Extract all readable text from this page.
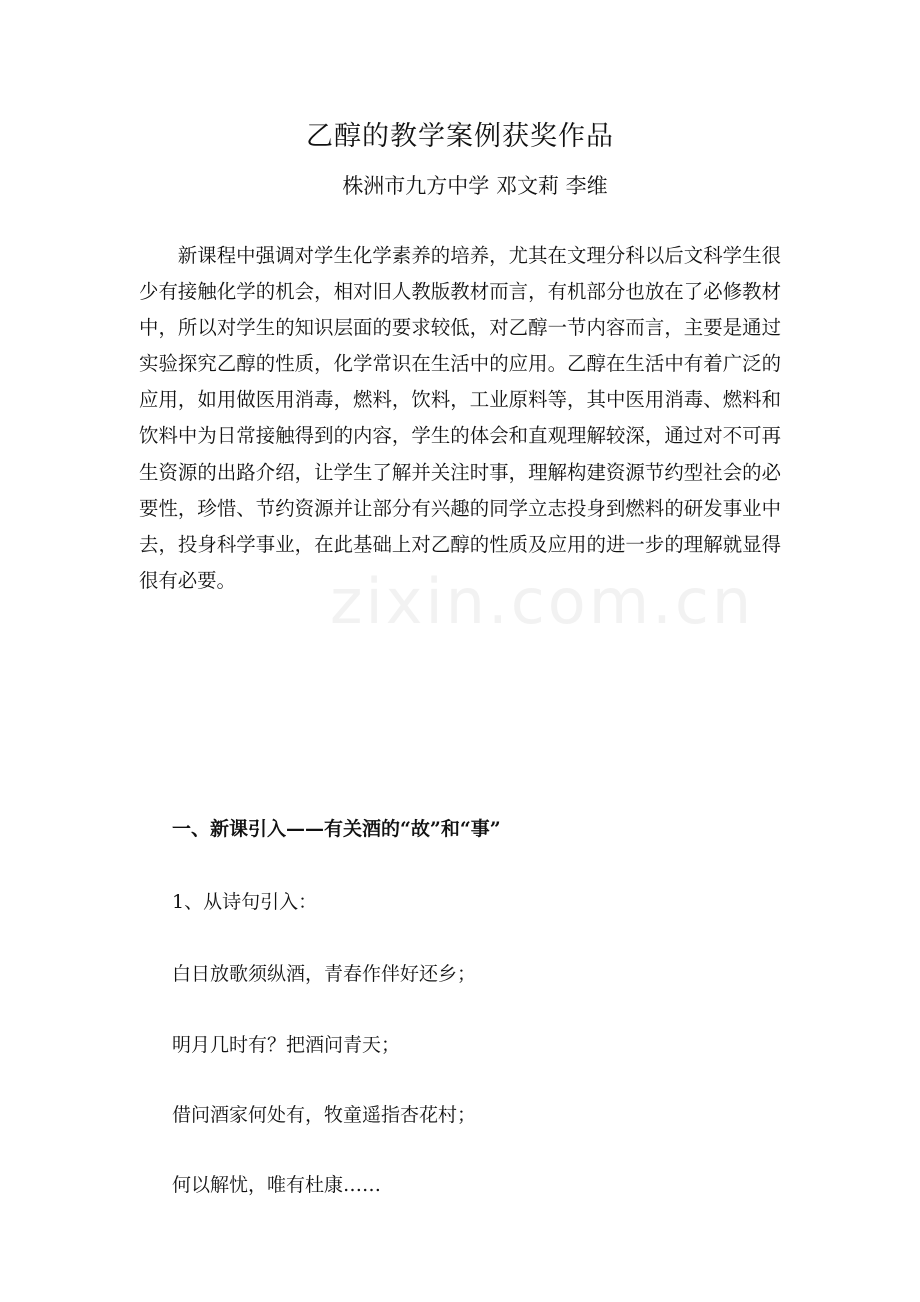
乙醇的教学案例获奖作品
株洲市九方中学 邓文莉 李维

新课程中强调对学生化学素养的培养，尤其在文理分科以后文科学生很少有接触化学的机会，相对旧人教版教材而言，有机部分也放在了必修教材中，所以对学生的知识层面的要求较低，对乙醇一节内容而言，主要是通过实验探究乙醇的性质，化学常识在生活中的应用。乙醇在生活中有着广泛的应用，如用做医用消毒，燃料，饮料，工业原料等，其中医用消毒、燃料和饮料中为日常接触得到的内容，学生的体会和直观理解较深，通过对不可再生资源的出路介绍，让学生了解并关注时事，理解构建资源节约型社会的必要性，珍惜、节约资源并让部分有兴趣的同学立志投身到燃料的研发事业中去，投身科学事业，在此基础上对乙醇的性质及应用的进一步的理解就显得很有必要。	zixin.com.cn
一、新课引入——有关酒的“故”和“事”
1、从诗句引入：
白日放歌须纵酒，青春作伴好还乡；
明月几时有？把酒问青天；
借问酒家何处有，牧童遥指杏花村；
何以解忧，唯有杜康……
